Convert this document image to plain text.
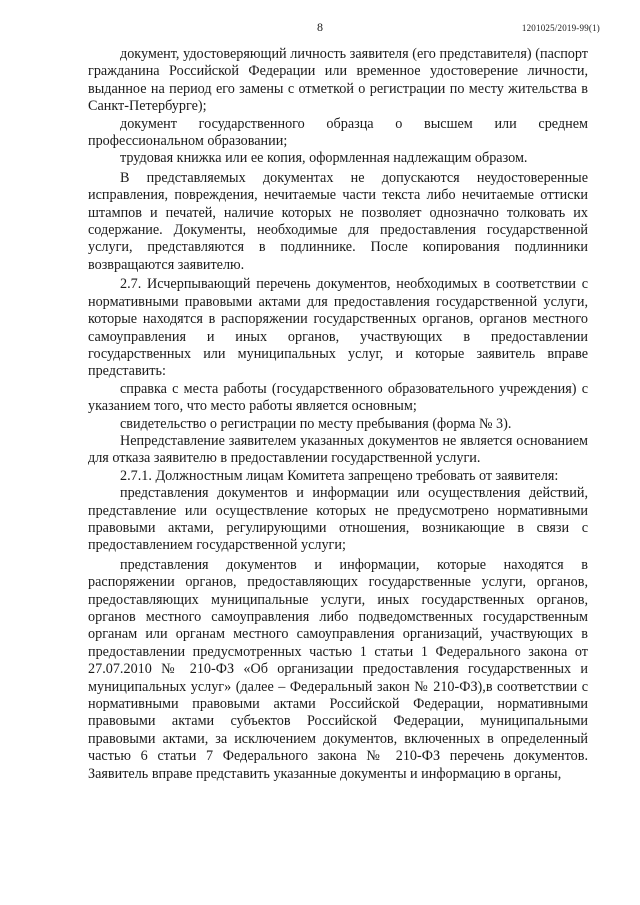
8	1201025/2019-99(1)

документ, удостоверяющий личность заявителя (его представителя) (паспорт гражданина Российской Федерации или временное удостоверение личности, выданное на период его замены с отметкой о регистрации по месту жительства в Санкт-Петербурге);

документ государственного образца о высшем или среднем профессиональном образовании;

трудовая книжка или ее копия, оформленная надлежащим образом.

В представляемых документах не допускаются неудостоверенные исправления, повреждения, нечитаемые части текста либо нечитаемые оттиски штампов и печатей, наличие которых не позволяет однозначно толковать их содержание. Документы, необходимые для предоставления государственной услуги, представляются в подлиннике. После копирования подлинники возвращаются заявителю.

2.7. Исчерпывающий перечень документов, необходимых в соответствии с нормативными правовыми актами для предоставления государственной услуги, которые находятся в распоряжении государственных органов, органов местного самоуправления и иных органов, участвующих в предоставлении государственных или муниципальных услуг, и которые заявитель вправе представить:

справка с места работы (государственного образовательного учреждения) с указанием того, что место работы является основным;

свидетельство о регистрации по месту пребывания (форма № 3).

Непредставление заявителем указанных документов не является основанием для отказа заявителю в предоставлении государственной услуги.

2.7.1. Должностным лицам Комитета запрещено требовать от заявителя:

представления документов и информации или осуществления действий, представление или осуществление которых не предусмотрено нормативными правовыми актами, регулирующими отношения, возникающие в связи с предоставлением государственной услуги;

представления документов и информации, которые находятся в распоряжении органов, предоставляющих государственные услуги, органов, предоставляющих муниципальные услуги, иных государственных органов, органов местного самоуправления либо подведомственных государственным органам или органам местного самоуправления организаций, участвующих в предоставлении предусмотренных частью 1 статьи 1 Федерального закона от 27.07.2010 № 210-ФЗ «Об организации предоставления государственных и муниципальных услуг» (далее – Федеральный закон № 210-ФЗ),в соответствии с нормативными правовыми актами Российской Федерации, нормативными правовыми актами субъектов Российской Федерации, муниципальными правовыми актами, за исключением документов, включенных в определенный частью 6 статьи 7 Федерального закона № 210-ФЗ перечень документов. Заявитель вправе представить указанные документы и информацию в органы,
